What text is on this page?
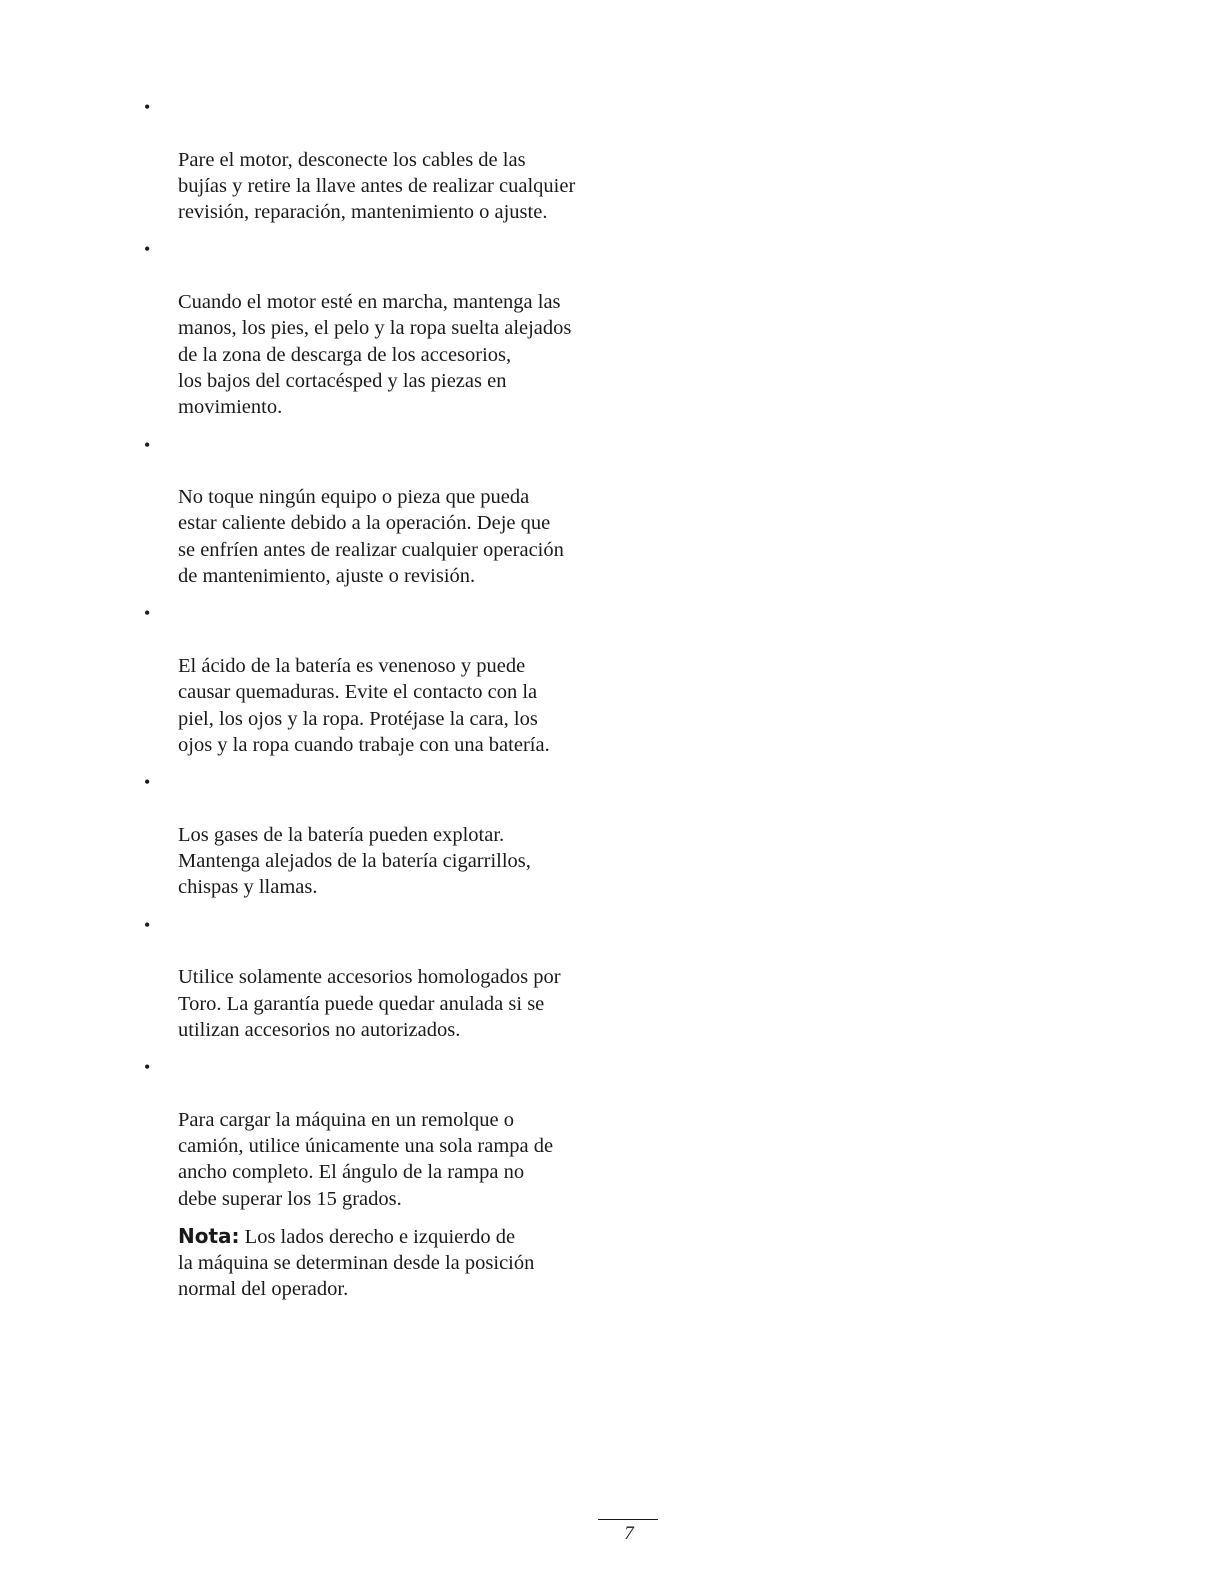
•

Pare el motor, desconecte los cables de las
bujías y retire la llave antes de realizar cualquier
revisión, reparación, mantenimiento o ajuste.

•

Cuando el motor esté en marcha, mantenga las
manos, los pies, el pelo y la ropa suelta alejados
de la zona de descarga de los accesorios,
los bajos del cortacésped y las piezas en
movimiento.

•

No toque ningún equipo o pieza que pueda
estar caliente debido a la operación. Deje que
se enfríen antes de realizar cualquier operación
de mantenimiento, ajuste o revisión.

•

El ácido de la batería es venenoso y puede
causar quemaduras. Evite el contacto con la
piel, los ojos y la ropa. Protéjase la cara, los
ojos y la ropa cuando trabaje con una batería.

•

Los gases de la batería pueden explotar.
Mantenga alejados de la batería cigarrillos,
chispas y llamas.

•

Utilice solamente accesorios homologados por
Toro. La garantía puede quedar anulada si se
utilizan accesorios no autorizados.

•

Para cargar la máquina en un remolque o
camión, utilice únicamente una sola rampa de
ancho completo. El ángulo de la rampa no
debe superar los 15 grados.

Nota: Los lados derecho e izquierdo de
la máquina se determinan desde la posición
normal del operador.
7
